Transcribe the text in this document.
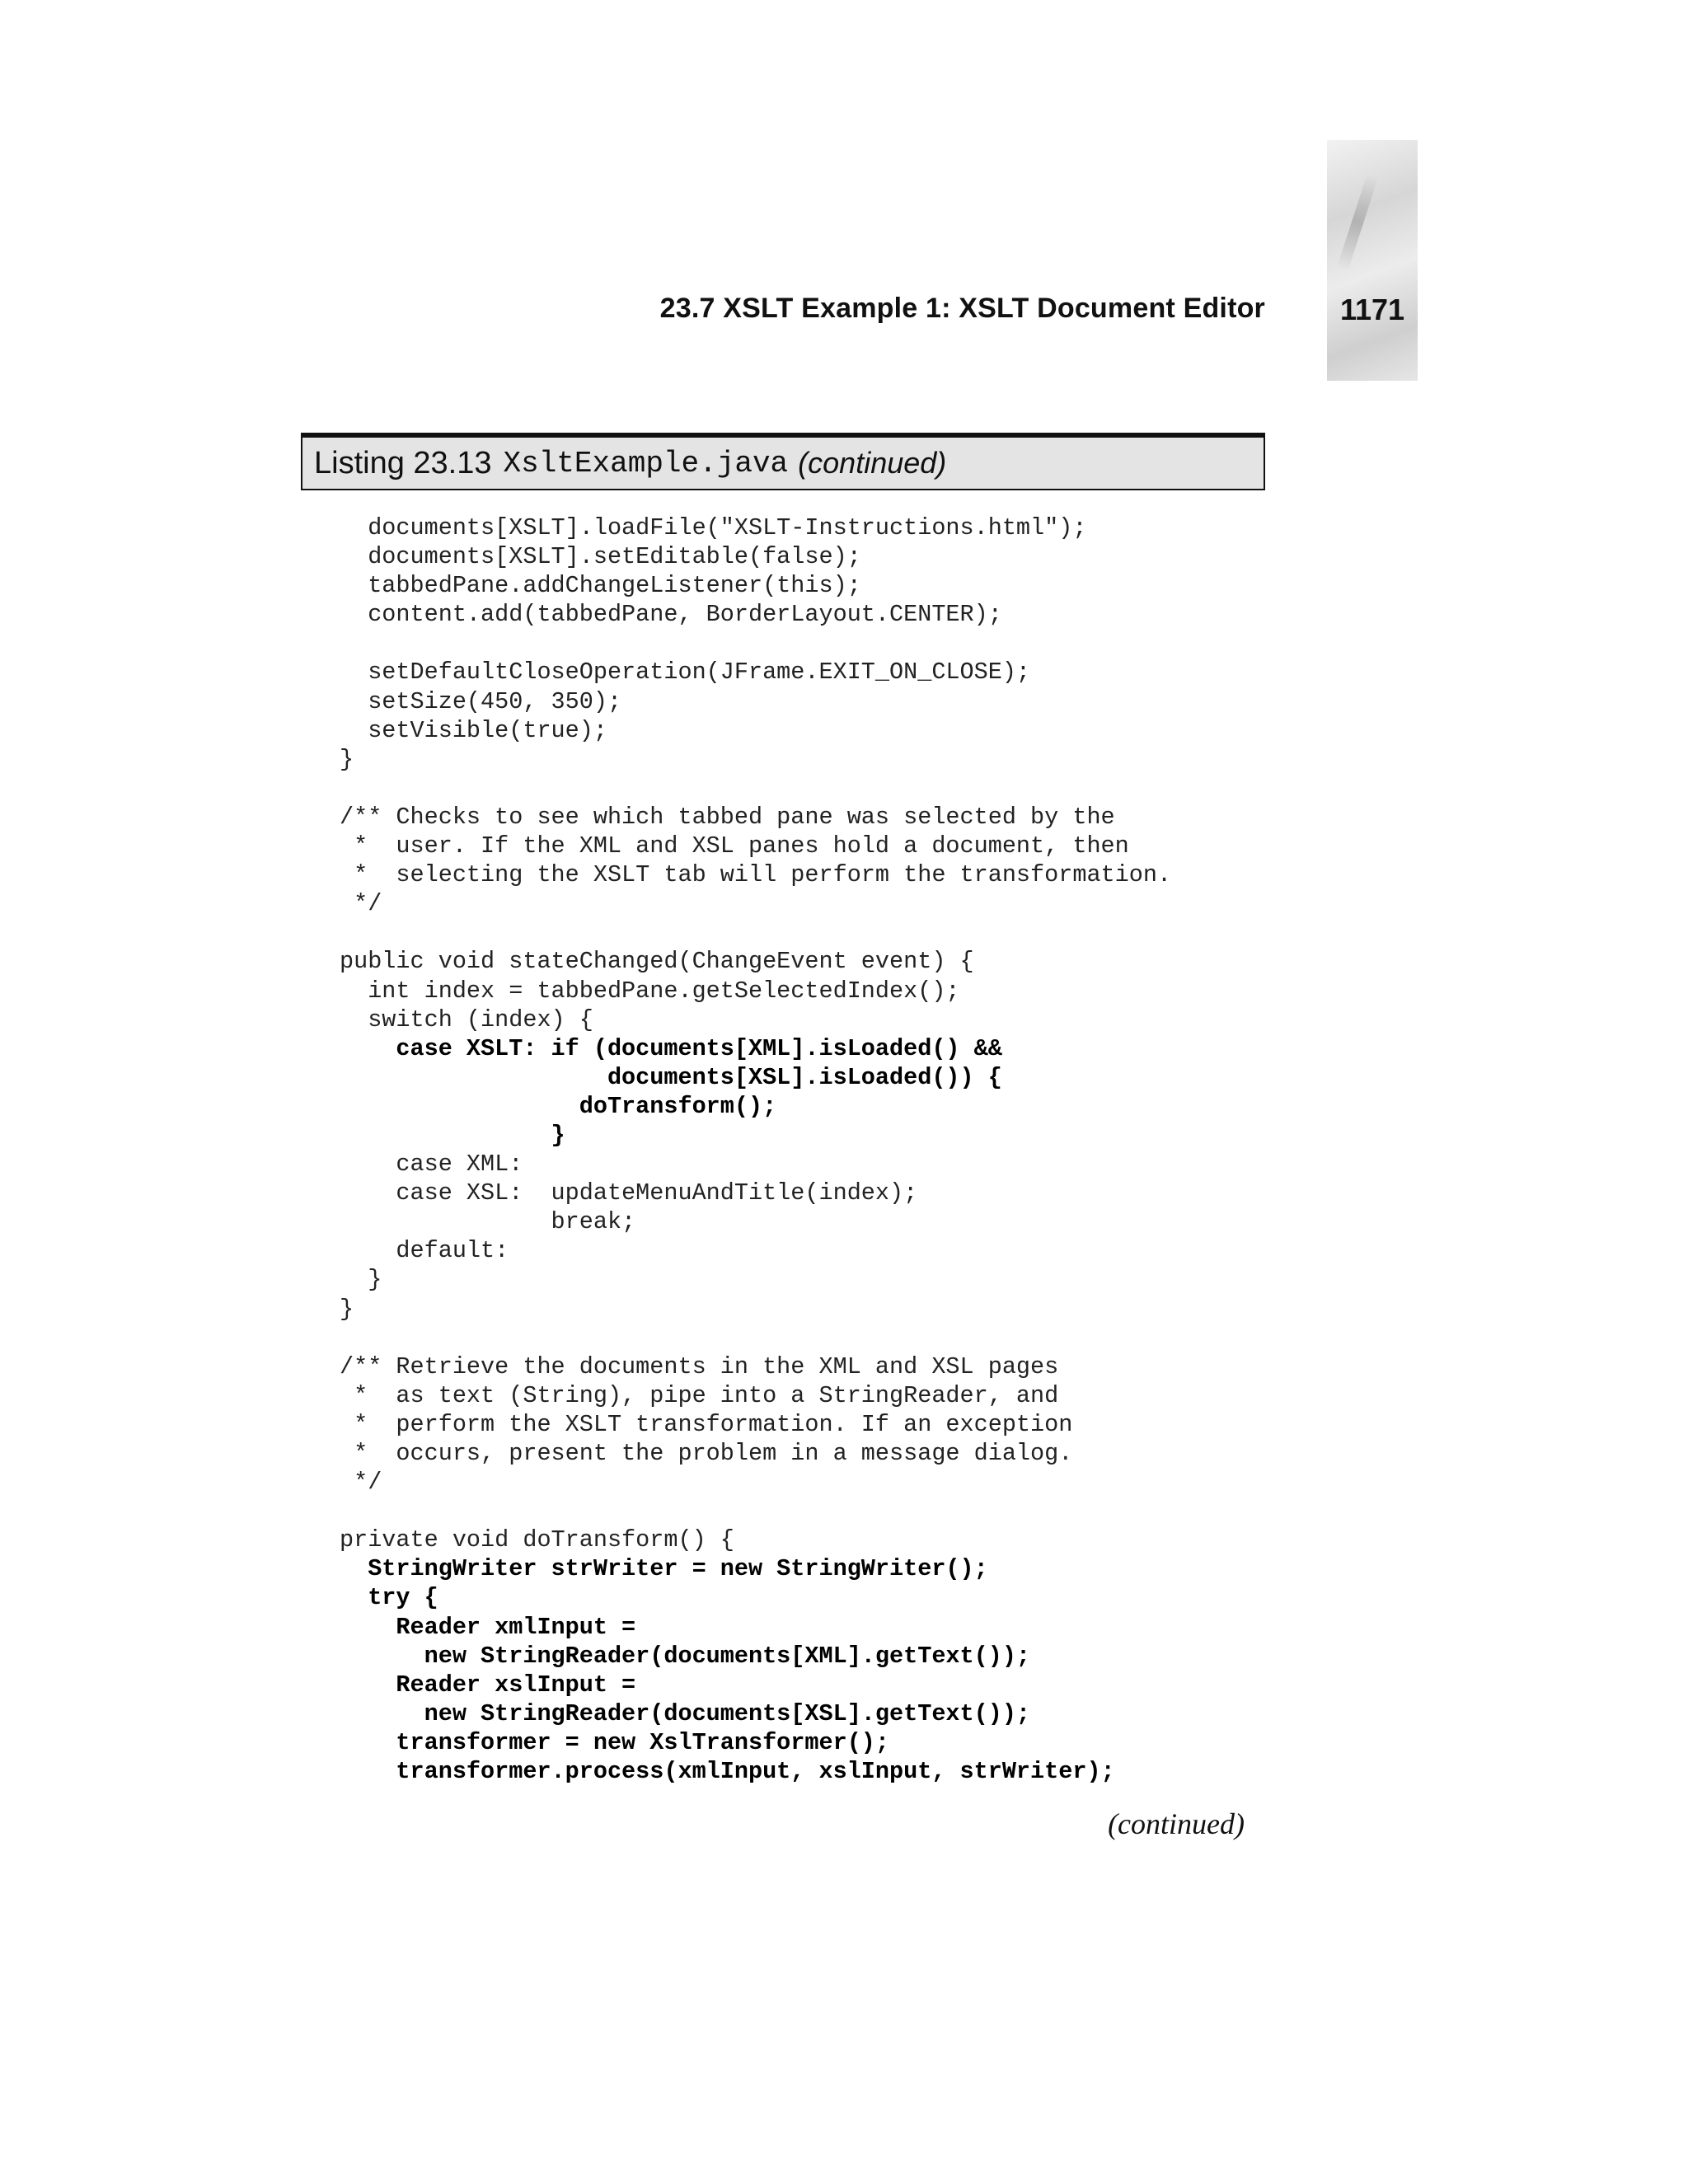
23.7 XSLT Example 1: XSLT Document Editor	1171
Listing 23.13 XsltExample.java (continued)
documents[XSLT].loadFile("XSLT-Instructions.html");
documents[XSLT].setEditable(false);
tabbedPane.addChangeListener(this);
content.add(tabbedPane, BorderLayout.CENTER);
setDefaultCloseOperation(JFrame.EXIT_ON_CLOSE);
setSize(450, 350);
setVisible(true);
}
/** Checks to see which tabbed pane was selected by the
*  user. If the XML and XSL panes hold a document, then
*  selecting the XSLT tab will perform the transformation.
*/
public void stateChanged(ChangeEvent event) {
int index = tabbedPane.getSelectedIndex();
switch (index) {
case XSLT: if (documents[XML].isLoaded() &&
documents[XSL].isLoaded()) {
doTransform();
}
case XML:
case XSL:  updateMenuAndTitle(index);
break;
default:
}
}
/** Retrieve the documents in the XML and XSL pages
*  as text (String), pipe into a StringReader, and
*  perform the XSLT transformation. If an exception
*  occurs, present the problem in a message dialog.
*/
private void doTransform() {
StringWriter strWriter = new StringWriter();
try {
Reader xmlInput =
new StringReader(documents[XML].getText());
Reader xslInput =
new StringReader(documents[XSL].getText());
transformer = new XslTransformer();
transformer.process(xmlInput, xslInput, strWriter);
(continued)
